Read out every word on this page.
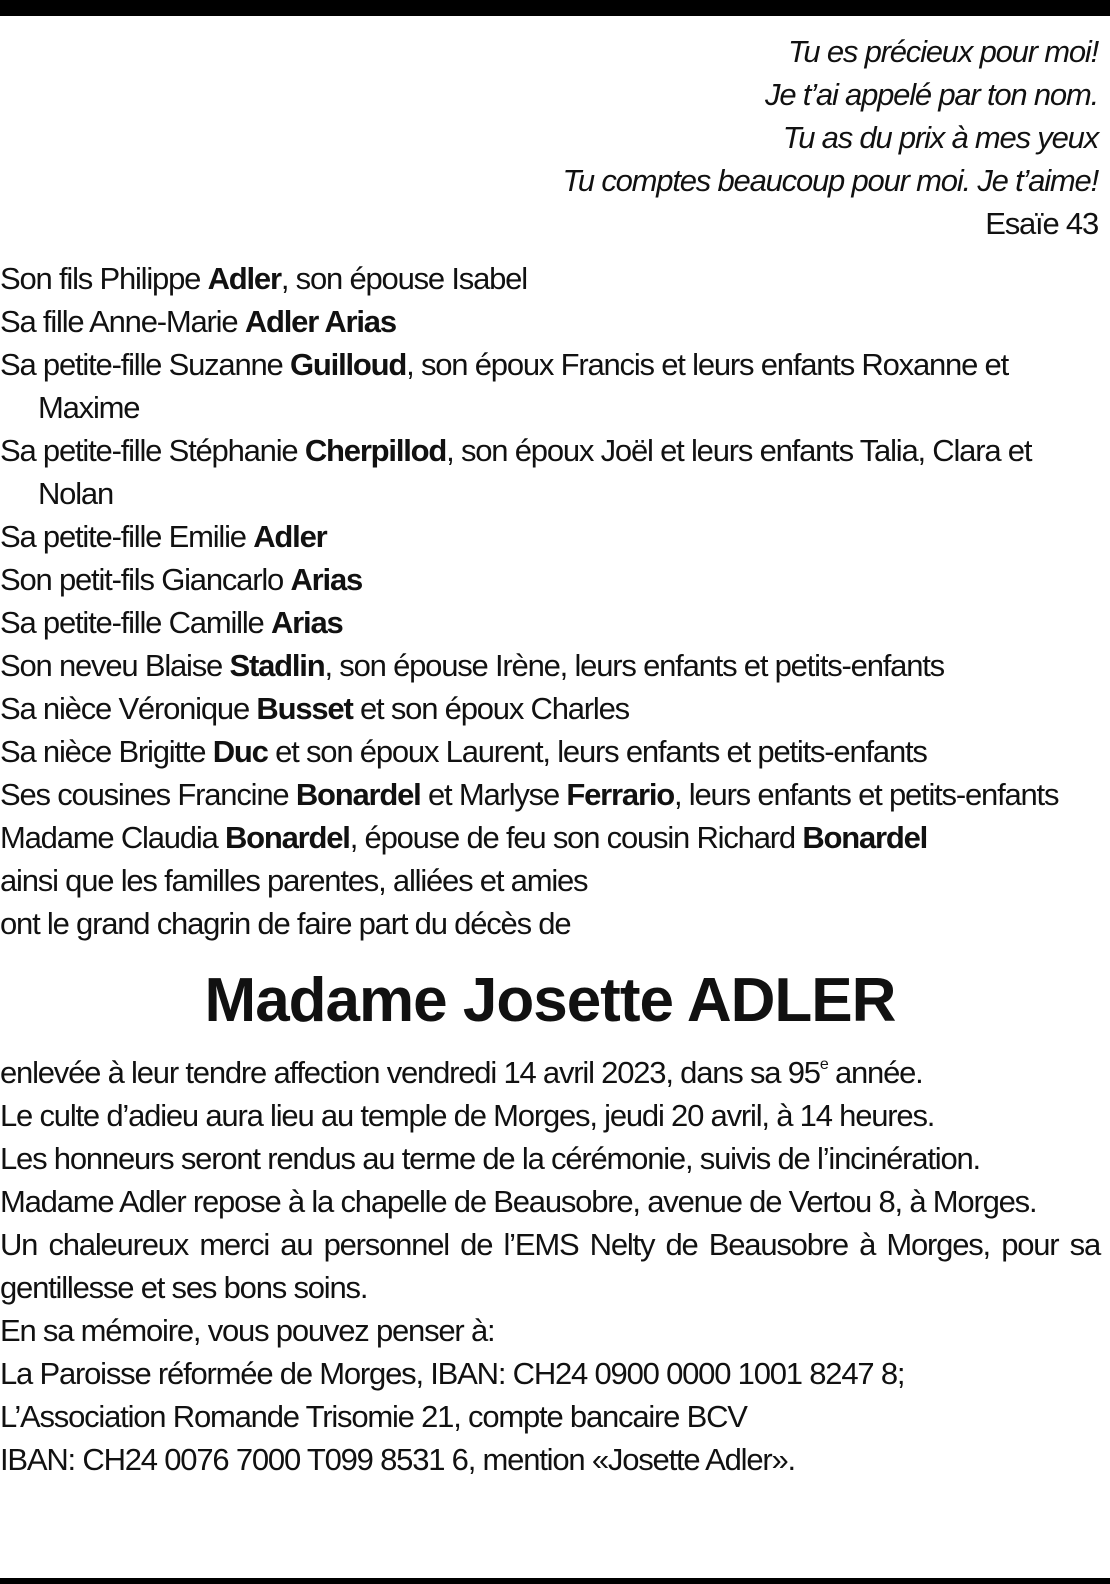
Tu es précieux pour moi!
Je t’ai appelé par ton nom.
Tu as du prix à mes yeux
Tu comptes beaucoup pour moi. Je t’aime!
Esaïe 43
Son fils Philippe Adler, son épouse Isabel
Sa fille Anne-Marie Adler Arias
Sa petite-fille Suzanne Guilloud, son époux Francis et leurs enfants Roxanne et Maxime
Sa petite-fille Stéphanie Cherpillod, son époux Joël et leurs enfants Talia, Clara et Nolan
Sa petite-fille Emilie Adler
Son petit-fils Giancarlo Arias
Sa petite-fille Camille Arias
Son neveu Blaise Stadlin, son épouse Irène, leurs enfants et petits-enfants
Sa nièce Véronique Busset et son époux Charles
Sa nièce Brigitte Duc et son époux Laurent, leurs enfants et petits-enfants
Ses cousines Francine Bonardel et Marlyse Ferrario, leurs enfants et petits-enfants
Madame Claudia Bonardel, épouse de feu son cousin Richard Bonardel
ainsi que les familles parentes, alliées et amies
ont le grand chagrin de faire part du décès de
Madame Josette ADLER
enlevée à leur tendre affection vendredi 14 avril 2023, dans sa 95e année.
Le culte d’adieu aura lieu au temple de Morges, jeudi 20 avril, à 14 heures.
Les honneurs seront rendus au terme de la cérémonie, suivis de l’incinération.
Madame Adler repose à la chapelle de Beausobre, avenue de Vertou 8, à Morges.
Un chaleureux merci au personnel de l’EMS Nelty de Beausobre à Morges, pour sa gentillesse et ses bons soins.
En sa mémoire, vous pouvez penser à:
La Paroisse réformée de Morges, IBAN: CH24 0900 0000 1001 8247 8;
L’Association Romande Trisomie 21, compte bancaire BCV
IBAN: CH24 0076 7000 T099 8531 6, mention «Josette Adler».
